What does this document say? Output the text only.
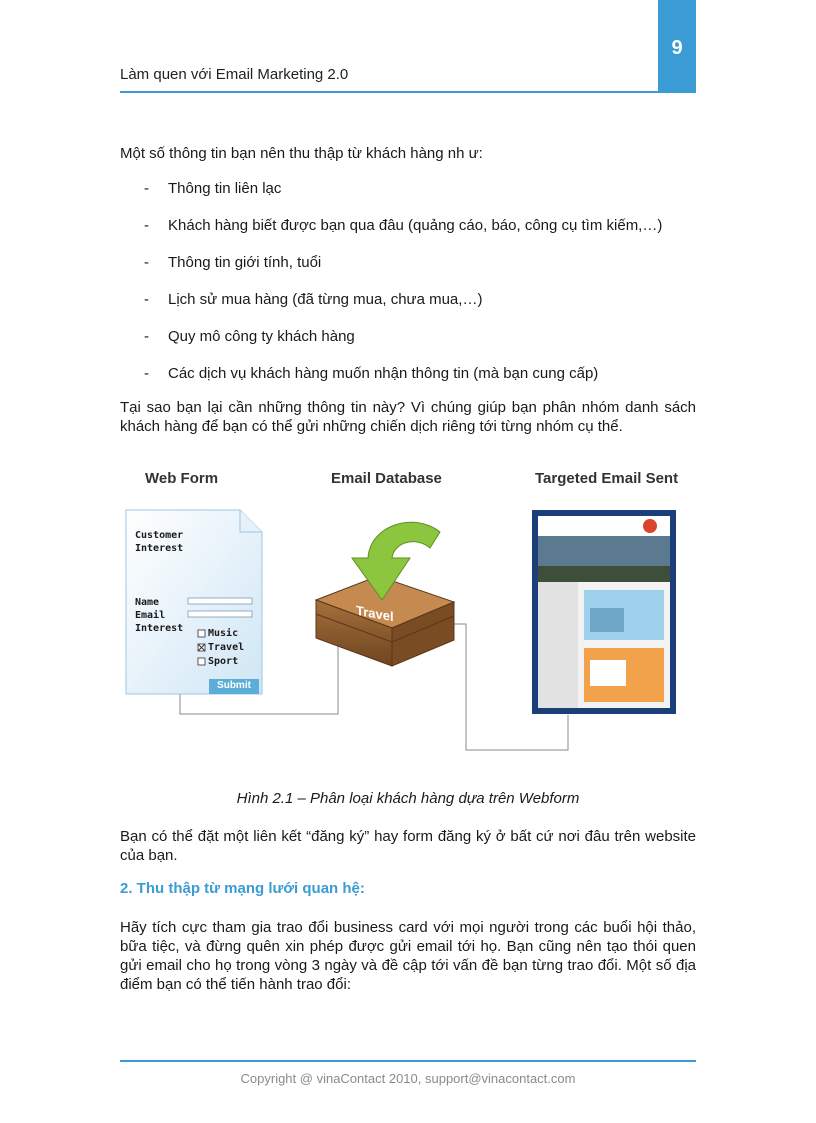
9
Làm quen với Email Marketing 2.0
Một số thông tin bạn nên thu thập từ khách hàng nh ư:
- Thông tin liên lạc
- Khách hàng biết được bạn qua đâu (quảng cáo, báo, công cụ tìm kiếm,…)
- Thông tin giới tính, tuổi
- Lịch sử mua hàng (đã từng mua, chưa mua,…)
- Quy mô công ty khách hàng
- Các dịch vụ khách hàng muốn nhận thông tin (mà bạn cung cấp)
Tại sao bạn lại cần những thông tin này? Vì chúng giúp bạn phân nhóm danh sách khách hàng để bạn có thể gửi những chiến dịch riêng tới từng nhóm cụ thể.
Web Form	Email Database	Targeted Email Sent
Customer
Interest
Name
Email
Interest Music
Travel
Sport
Submit
Travel
Hình 2.1 – Phân loại khách hàng dựa trên Webform
Bạn có thể đặt một liên kết “đăng ký” hay form đăng ký ở bất cứ nơi đâu trên website của bạn.
2. Thu thập từ mạng lưới quan hệ:
Hãy tích cực tham gia trao đổi business card với mọi người trong các buổi hội thảo, bữa tiệc, và đừng quên xin phép được gửi email tới họ. Bạn cũng nên tạo thói quen gửi email cho họ trong vòng 3 ngày và đề cập tới vấn đề bạn từng trao đổi. Một số địa điểm bạn có thể tiến hành trao đổi:
Copyright @ vinaContact 2010, support@vinacontact.com
